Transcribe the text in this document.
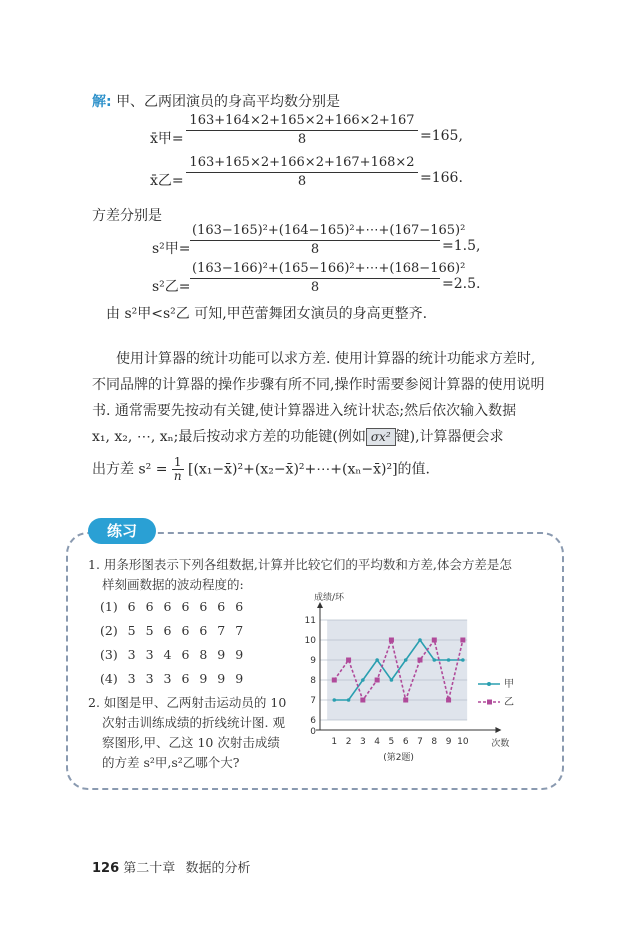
解: 甲、乙两团演员的身高平均数分别是
x̄甲= $\frac{163+164\times 2+165\times 2+166\times 2+167}{8} =165$,
x̄乙= $\frac{163+165\times 2+166\times 2+167+168\times 2}{8} =166$.
方差分别是
s²甲= $\frac{\text{(163−165)²+(164−165)²+⋯+(167−165)²}}{8} =1.5$,
s²乙= $\frac{\text{(163−166)²+(165−166)²+⋯+(168−166)²}}{8} =2.5$.
由 s²甲<s²乙 可知,甲芭蕾舞团女演员的身高更整齐.
使用计算器的统计功能可以求方差. 使用计算器的统计功能求方差时,
不同品牌的计算器的操作步骤有所不同,操作时需要参阅计算器的使用说明
书. 通常需要先按动有关键,使计算器进入统计状态;然后依次输入数据
x₁, x₂, ⋯, xₙ;最后按动求方差的功能键(例如 σx² 键),计算器便会求
出方差 $s^2 = \frac{1}{n}$ [(x₁−x̄)²+(x₂−x̄)²+⋯+(xₙ−x̄)²]的值.
练习
1. 用条形图表示下列各组数据,计算并比较它们的平均数和方差,体会方差是怎
样刻画数据的波动程度的:
(1) 6 6 6 6 6 6 6
(2) 5 5 6 6 6 7 7
(3) 3 3 4 6 8 9 9
(4) 3 3 3 6 9 9 9
2. 如图是甲、乙两射击运动员的 10
次射击训练成绩的折线统计图. 观
察图形,甲、乙这 10 次射击成绩
的方差 s²甲,s²乙哪个大?
6
7
8
9
10
11
0
1 2 3 4 5 6 7 8 9 10
成绩/环
次数
(第2题)
甲
乙
126 第二十章 数据的分析
